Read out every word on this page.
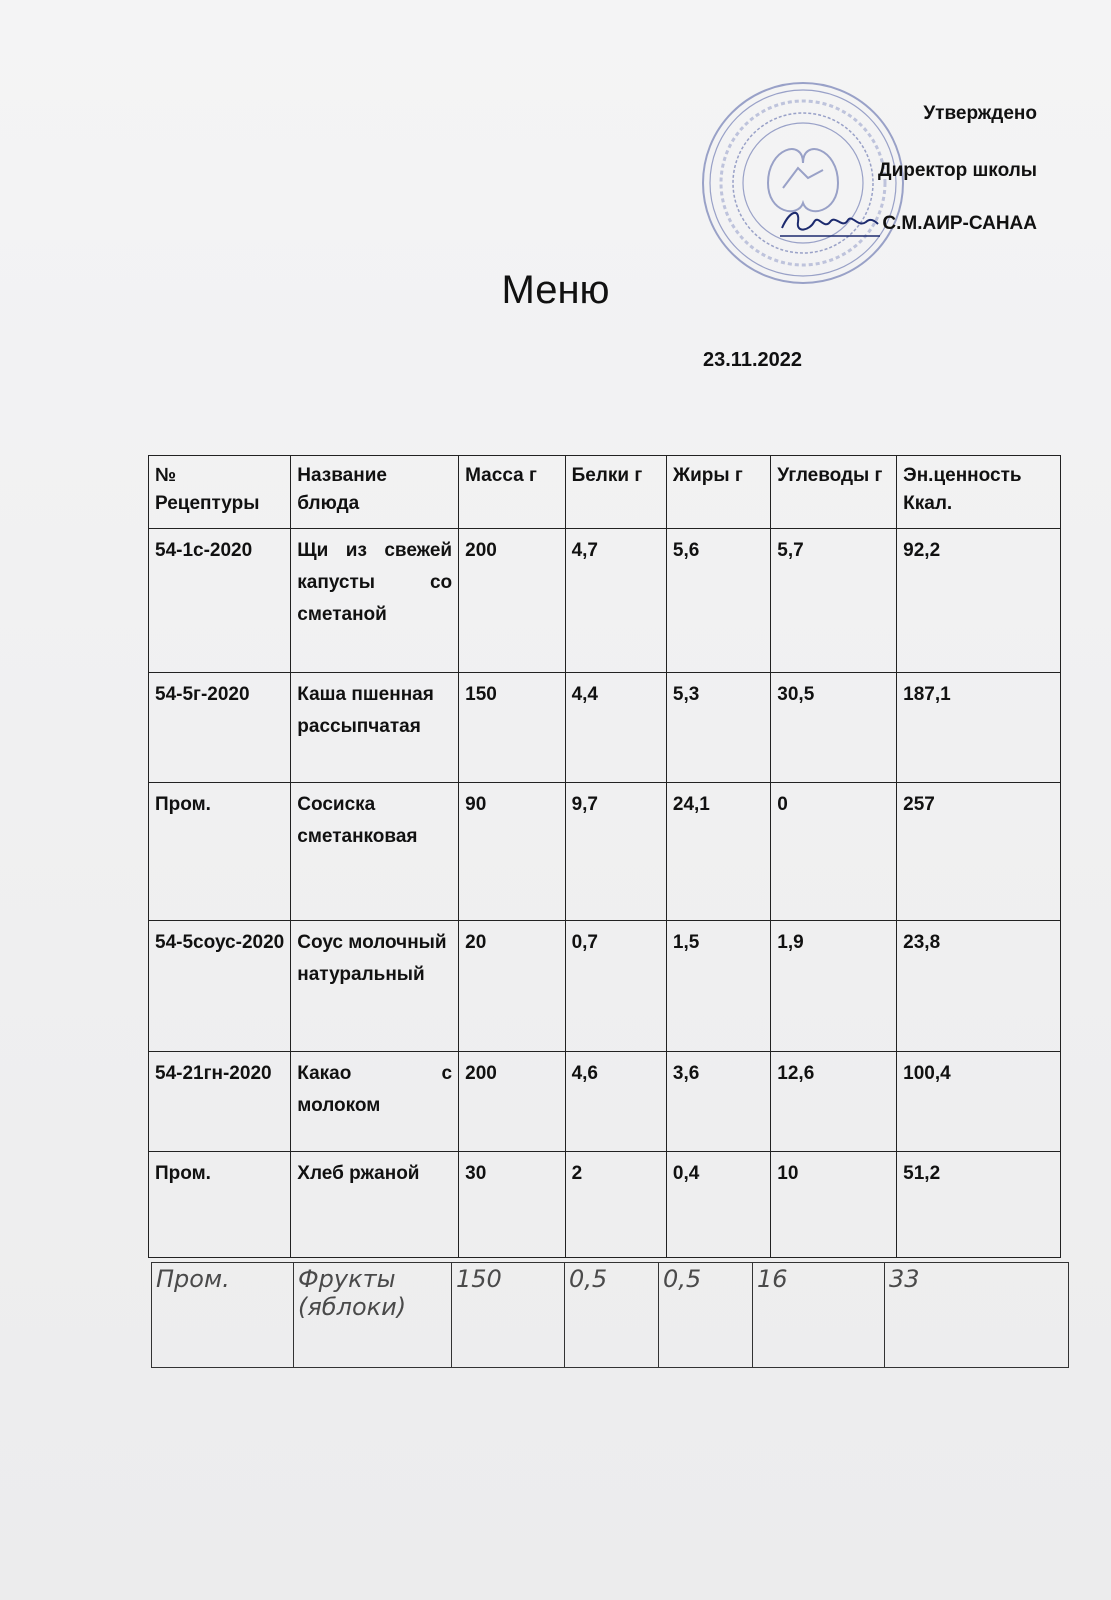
Утверждено
Директор школы
С.М.АИР-САНАА
Меню
23.11.2022
№ Рецептуры	Название блюда	Масса г	Белки г	Жиры г	Углеводы г	Эн.ценность Ккал.
54-1с-2020	Щи из свежей капусты со сметаной	200	4,7	5,6	5,7	92,2
54-5г-2020	Каша пшенная рассыпчатая	150	4,4	5,3	30,5	187,1
Пром.	Сосиска сметанковая	90	9,7	24,1	0	257
54-5соус-2020	Соус молочный натуральный	20	0,7	1,5	1,9	23,8
54-21гн-2020	Какао с молоком	200	4,6	3,6	12,6	100,4
Пром.	Хлеб ржаной	30	2	0,4	10	51,2
Пром.	Фрукты (яблоки)	150	0,5	0,5	16	33
